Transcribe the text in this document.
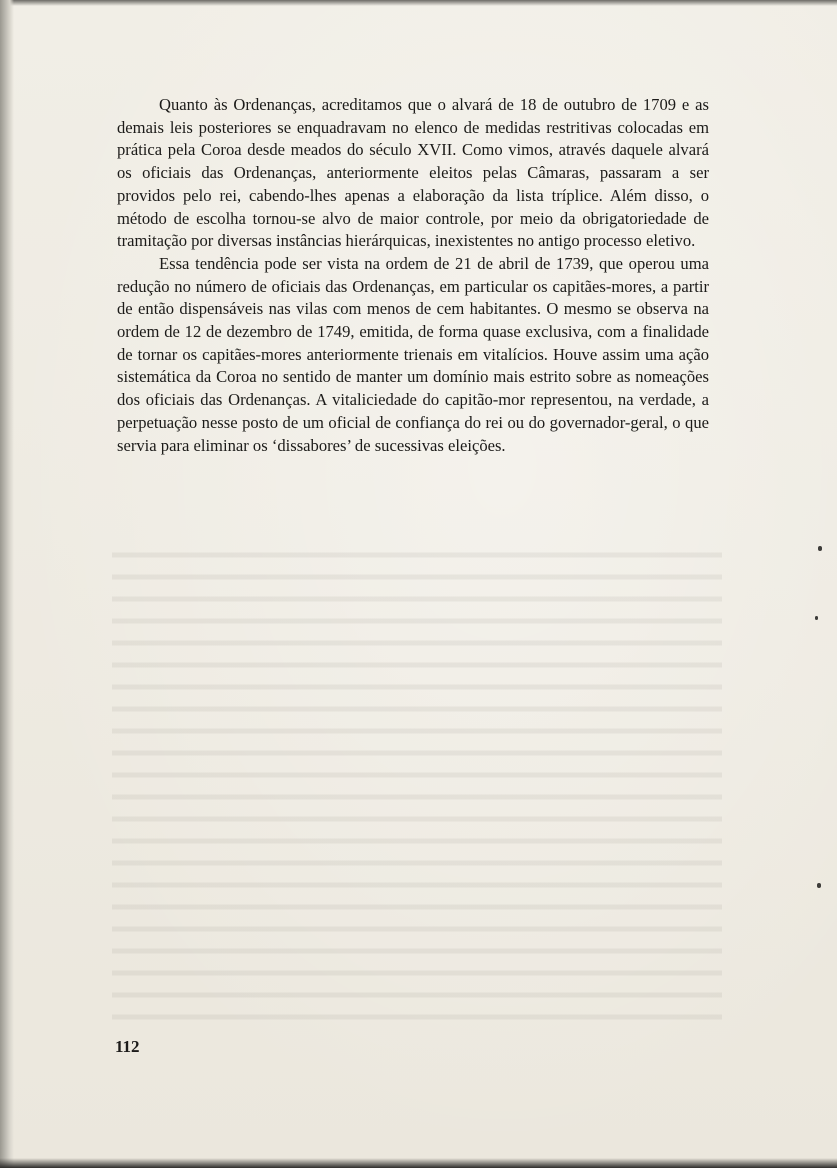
Quanto às Ordenanças, acreditamos que o alvará de 18 de outubro de 1709 e as demais leis posteriores se enquadravam no elenco de medidas restritivas colocadas em prática pela Coroa desde meados do século XVII. Como vimos, através daquele alvará os oficiais das Ordenanças, anteriormente eleitos pelas Câmaras, passaram a ser providos pelo rei, cabendo-lhes apenas a elaboração da lista tríplice. Além disso, o método de escolha tornou-se alvo de maior controle, por meio da obrigatoriedade de tramitação por diversas instâncias hierárquicas, inexistentes no antigo processo eletivo.

Essa tendência pode ser vista na ordem de 21 de abril de 1739, que operou uma redução no número de oficiais das Ordenanças, em particular os capitães-mores, a partir de então dispensáveis nas vilas com menos de cem habitantes. O mesmo se observa na ordem de 12 de dezembro de 1749, emitida, de forma quase exclusiva, com a finalidade de tornar os capitães-mores anteriormente trienais em vitalícios. Houve assim uma ação sistemática da Coroa no sentido de manter um domínio mais estrito sobre as nomeações dos oficiais das Ordenanças. A vitaliciedade do capitão-mor representou, na verdade, a perpetuação nesse posto de um oficial de confiança do rei ou do governador-geral, o que servia para eliminar os ‘dissabores’ de sucessivas eleições.

112
